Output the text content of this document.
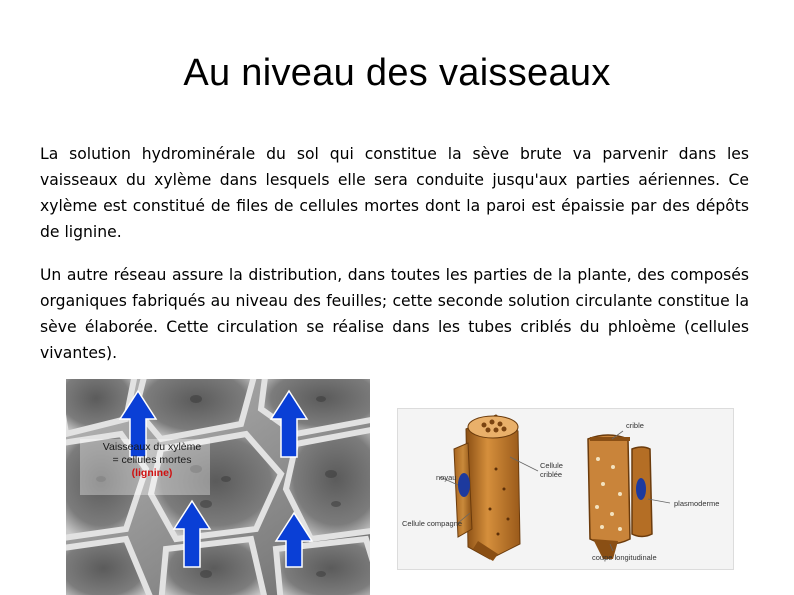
Au niveau des vaisseaux

La solution hydrominérale du sol qui constitue la sève brute va parvenir dans les vaisseaux du xylème dans lesquels elle sera conduite jusqu'aux parties aériennes. Ce xylème est constitué de files de cellules mortes dont la paroi est épaissie par des dépôts de lignine.

Un autre réseau assure la distribution, dans toutes les parties de la plante, des composés organiques fabriqués au niveau des feuilles; cette seconde solution circulante constitue la sève élaborée. Cette circulation se réalise dans les tubes criblés du phloème (cellules vivantes).

Vaisseaux du xylème
= cellules mortes
(lignine)
crible
Cellule
criblée
noyau
plasmoderme
Cellule compagne
coupe longitudinale
